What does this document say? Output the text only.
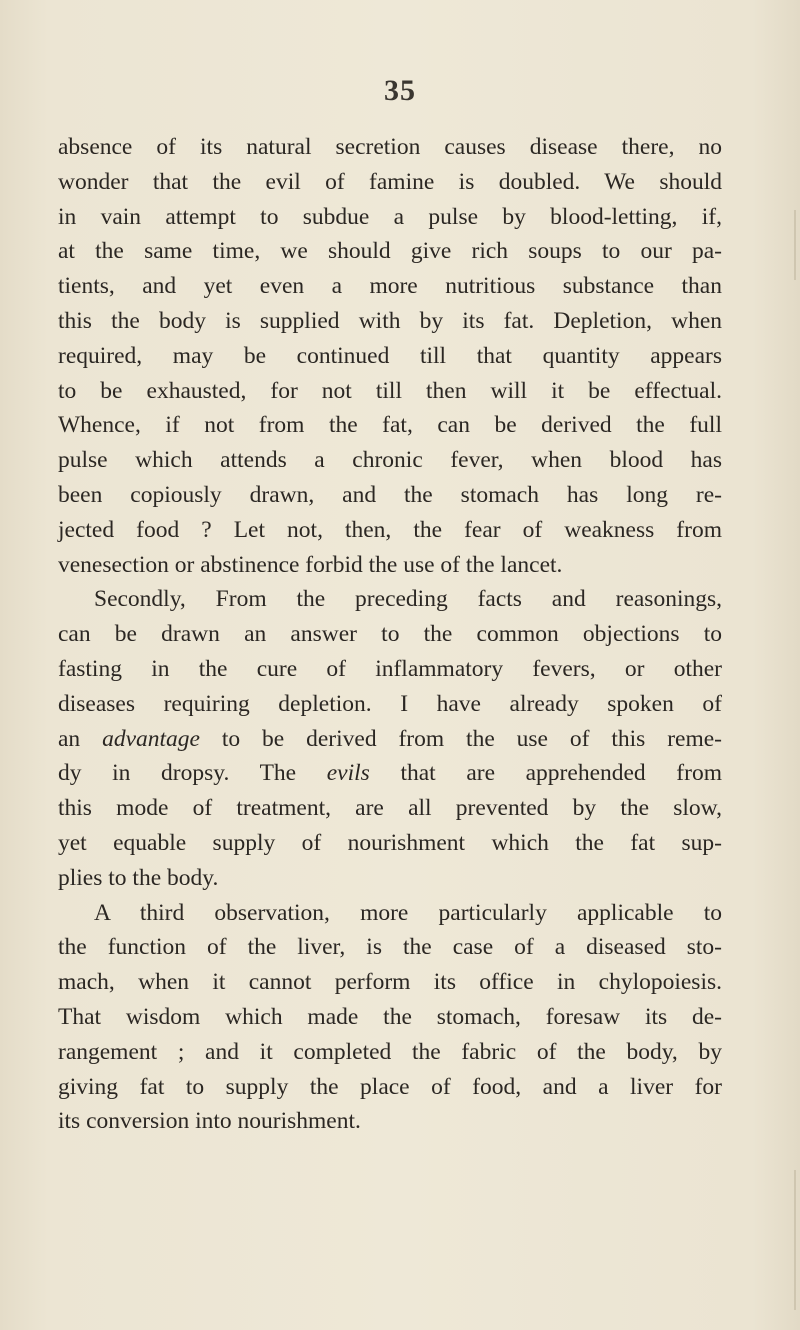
35
absence of its natural secretion causes disease there, no
wonder that the evil of famine is doubled. We should
in vain attempt to subdue a pulse by blood-letting, if,
at the same time, we should give rich soups to our pa-
tients, and yet even a more nutritious substance than
this the body is supplied with by its fat. Depletion, when
required, may be continued till that quantity appears
to be exhausted, for not till then will it be effectual.
Whence, if not from the fat, can be derived the full
pulse which attends a chronic fever, when blood has
been copiously drawn, and the stomach has long re-
jected food ? Let not, then, the fear of weakness from
venesection or abstinence forbid the use of the lancet.
Secondly, From the preceding facts and reasonings,
can be drawn an answer to the common objections to
fasting in the cure of inflammatory fevers, or other
diseases requiring depletion. I have already spoken of
an advantage to be derived from the use of this reme-
dy in dropsy. The evils that are apprehended from
this mode of treatment, are all prevented by the slow,
yet equable supply of nourishment which the fat sup-
plies to the body.
A third observation, more particularly applicable to
the function of the liver, is the case of a diseased sto-
mach, when it cannot perform its office in chylopoiesis.
That wisdom which made the stomach, foresaw its de-
rangement ; and it completed the fabric of the body, by
giving fat to supply the place of food, and a liver for
its conversion into nourishment.
